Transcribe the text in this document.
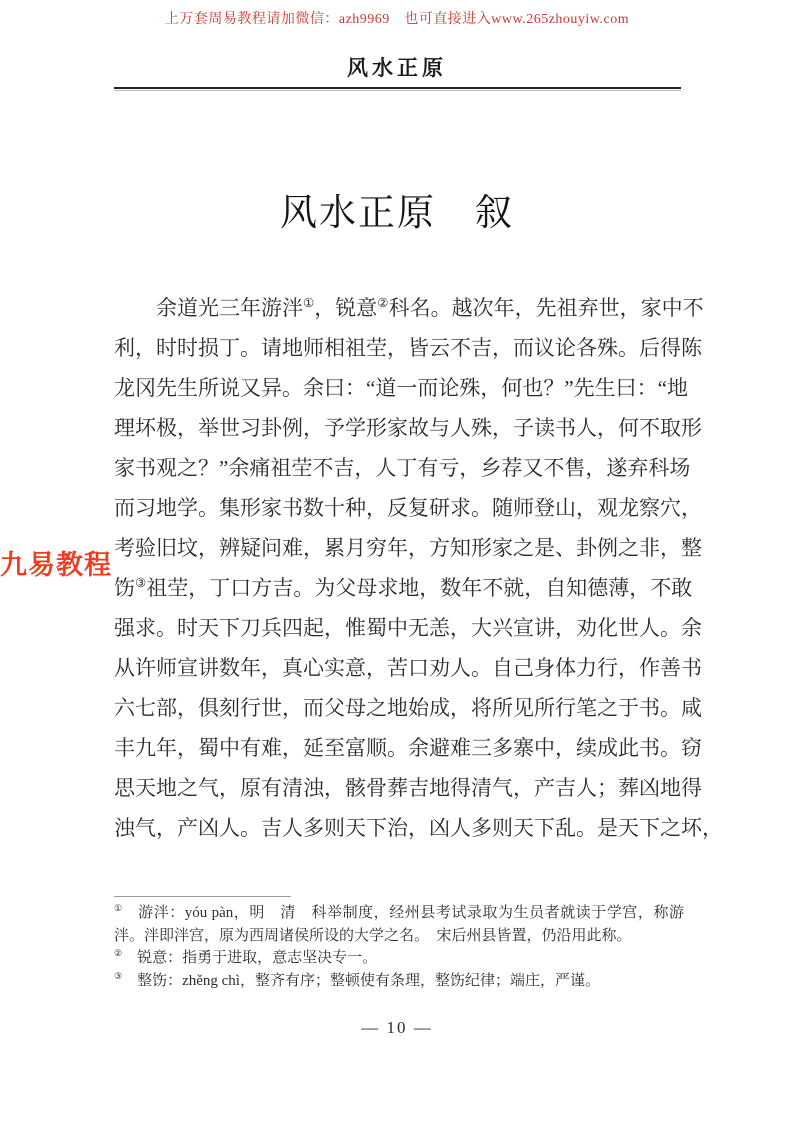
上万套周易教程请加微信：azh9969　也可直接进入www.265zhouyiw.com
风水正原
风水正原　叙
余道光三年游泮①，锐意②科名。越次年，先祖弃世，家中不
利，时时损丁。请地师相祖茔，皆云不吉，而议论各殊。后得陈
龙冈先生所说又异。余曰：“道一而论殊，何也？”先生曰：“地
理坏极，举世习卦例，予学形家故与人殊，子读书人，何不取形
家书观之？”余痛祖茔不吉，人丁有亏，乡荐又不售，遂弃科场
而习地学。集形家书数十种，反复研求。随师登山，观龙察穴，
考验旧坟，辨疑问难，累月穷年，方知形家之是、卦例之非，整
饬③祖茔，丁口方吉。为父母求地，数年不就，自知德薄，不敢
强求。时天下刀兵四起，惟蜀中无恙，大兴宣讲，劝化世人。余
从许师宣讲数年，真心实意，苦口劝人。自己身体力行，作善书
六七部，俱刻行世，而父母之地始成，将所见所行笔之于书。咸
丰九年，蜀中有难，延至富顺。余避难三多寨中，续成此书。窃
思天地之气，原有清浊，骸骨葬吉地得清气，产吉人；葬凶地得
浊气，产凶人。吉人多则天下治，凶人多则天下乱。是天下之坏，
九易教程
①　游泮：yóu pàn，明　清　科举制度，经州县考试录取为生员者就读于学宫，称游泮。泮即泮宫，原为西周诸侯所设的大学之名。　宋后州县皆置，仍沿用此称。
②　锐意：指勇于进取，意志坚决专一。
③　整饬：zhěng chì，整齐有序；整顿使有条理，整饬纪律；端庄，严谨。
— 10 —
